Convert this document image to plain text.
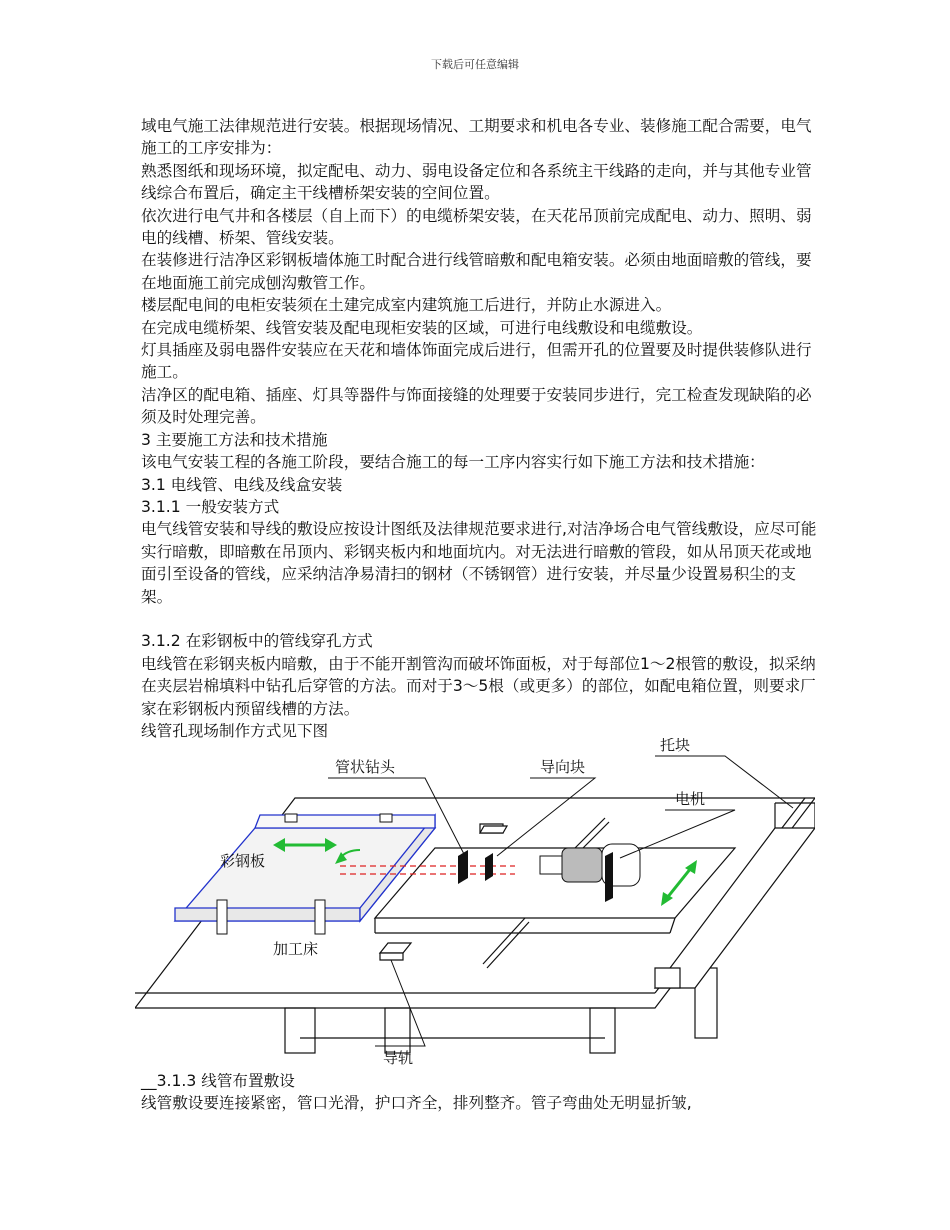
下载后可任意编辑

域电气施工法律规范进行安装。根据现场情况、工期要求和机电各专业、装修施工配合需要，电气施工的工序安排为：

熟悉图纸和现场环境，拟定配电、动力、弱电设备定位和各系统主干线路的走向，并与其他专业管线综合布置后，确定主干线槽桥架安装的空间位置。

依次进行电气井和各楼层（自上而下）的电缆桥架安装，在天花吊顶前完成配电、动力、照明、弱电的线槽、桥架、管线安装。

在装修进行洁净区彩钢板墙体施工时配合进行线管暗敷和配电箱安装。必须由地面暗敷的管线，要在地面施工前完成刨沟敷管工作。

楼层配电间的电柜安装须在土建完成室内建筑施工后进行，并防止水源进入。

在完成电缆桥架、线管安装及配电现柜安装的区域，可进行电线敷设和电缆敷设。

灯具插座及弱电器件安装应在天花和墙体饰面完成后进行，但需开孔的位置要及时提供装修队进行施工。

洁净区的配电箱、插座、灯具等器件与饰面接缝的处理要于安装同步进行，完工检查发现缺陷的必须及时处理完善。

3 主要施工方法和技术措施

该电气安装工程的各施工阶段，要结合施工的每一工序内容实行如下施工方法和技术措施：

3.1 电线管、电线及线盒安装

3.1.1 一般安装方式

电气线管安装和导线的敷设应按设计图纸及法律规范要求进行,对洁净场合电气管线敷设，应尽可能实行暗敷，即暗敷在吊顶内、彩钢夹板内和地面坑内。对无法进行暗敷的管段，如从吊顶天花或地面引至设备的管线，应采纳洁净易清扫的钢材（不锈钢管）进行安装，并尽量少设置易积尘的支架。

3.1.2 在彩钢板中的管线穿孔方式

电线管在彩钢夹板内暗敷，由于不能开割管沟而破坏饰面板，对于每部位1～2根管的敷设，拟采纳在夹层岩棉填料中钻孔后穿管的方法。而对于3～5根（或更多）的部位，如配电箱位置，则要求厂家在彩钢板内预留线槽的方法。

线管孔现场制作方式见下图

管状钻头	导向块
托块
电机
彩钢板
加工床
导轨

__3.1.3 线管布置敷设

线管敷设要连接紧密，管口光滑，护口齐全，排列整齐。管子弯曲处无明显折皱,
